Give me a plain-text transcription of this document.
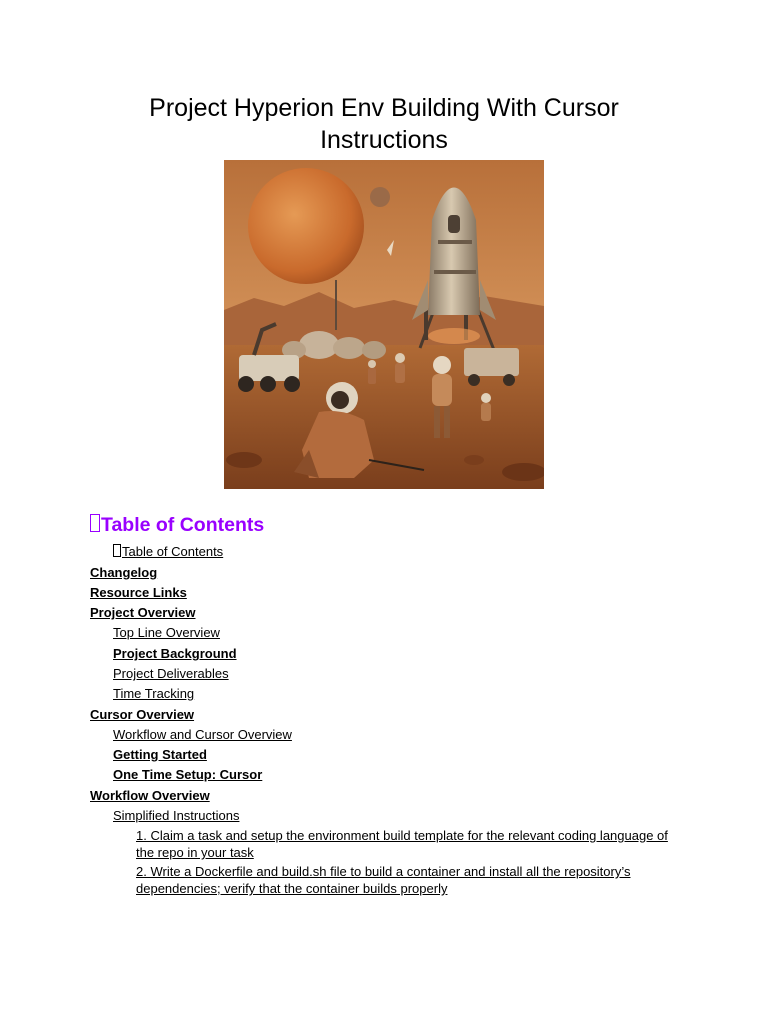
Project Hyperion Env Building With Cursor Instructions
Table of Contents
Table of Contents
Changelog
Resource Links
Project Overview
Top Line Overview
Project Background
Project Deliverables
Time Tracking
Cursor Overview
Workflow and Cursor Overview
Getting Started
One Time Setup: Cursor
Workflow Overview
Simplified Instructions
1. Claim a task and setup the environment build template for the relevant coding language of the repo in your task
2. Write a Dockerfile and build.sh file to build a container and install all the repository’s dependencies; verify that the container builds properly
